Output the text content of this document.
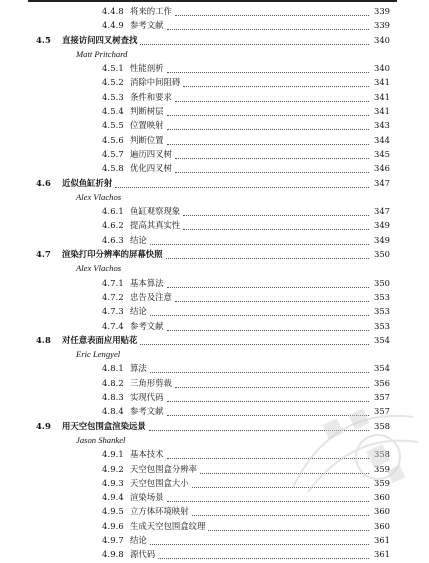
4.4.8 将来的工作	339
4.4.9 参考文献	339
4.5	直接访问四叉树查找	340
Matt Pritchard
4.5.1 性能剖析	340
4.5.2 消除中间阻碍	341
4.5.3 条件和要求	341
4.5.4 判断树层	341
4.5.5 位置映射	343
4.5.6 判断位置	344
4.5.7 遍历四叉树	345
4.5.8 优化四叉树	346
4.6	近似鱼缸折射	347
Alex Vlachos
4.6.1 鱼缸观察现象	347
4.6.2 提高其真实性	349
4.6.3 结论	349
4.7	渲染打印分辨率的屏幕快照	350
Alex Vlachos
4.7.1 基本算法	350
4.7.2 忠告及注意	353
4.7.3 结论	353
4.7.4 参考文献	353
4.8	对任意表面应用贴花	354
Eric Lengyel
4.8.1 算法	354
4.8.2 三角形剪裁	356
4.8.3 实现代码	357
4.8.4 参考文献	357
4.9	用天空包围盒渲染远景	358
Jason Shankel
4.9.1 基本技术	358
4.9.2 天空包围盒分辨率	359
4.9.3 天空包围盒大小	359
4.9.4 渲染场景	360
4.9.5 立方体环境映射	360
4.9.6 生成天空包围盒纹理	360
4.9.7 结论	361
4.9.8 源代码	361
